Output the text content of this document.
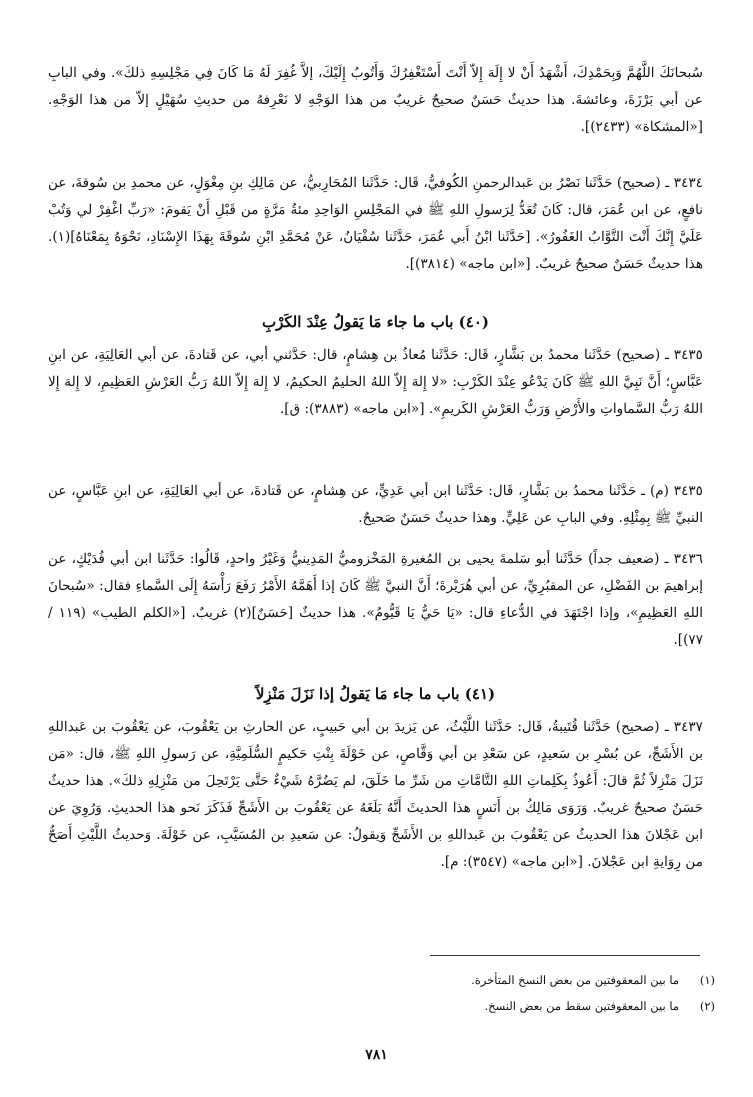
سُبحانَكَ اللَّهُمَّ وَبِحَمْدِكَ، أَشْهَدُ أَنْ لا إِلَهَ إِلاّ أَنْتَ أَسْتَغْفِرُكَ وَأَتُوبُ إِلَيْكَ، إلاَّ غُفِرَ لَهُ مَا كَانَ فِي مَجْلِسِهِ ذلكَ». وفي البابِ عن أبي بَرْزَةَ، وعائشةَ. هذا حديثٌ حَسَنٌ صحيحٌ غريبٌ من هذا الوَجْهِ لا نَعْرِفهُ من حديثِ سُهَيْلٍ إلاّ من هذا الوَجْهِ. [«المشكاة» (٢٤٣٣)].
٣٤٣٤ ـ (صحيح) حَدَّثَنا نَصْرُ بن عَبدالرحمنِ الكُوفيُّ، قَال: حَدَّثَنا المُحَارِبيُّ، عن مَالِكِ بنِ مِغْوَلٍ، عن محمدِ بن سُوقةَ، عن نافعٍ، عن ابن عُمَرَ، قال: كَانَ تُعَدُّ لِرَسولِ اللهِ ﷺ في المَجْلِسِ الوَاحِدِ مئةُ مَرَّةٍ من قَبْلِ أَنْ يَقومَ: «رَبِّ اغْفِرْ لي وَتُبْ عَلَيَّ إِنَّكَ أَنْتَ التَّوَّابُ الغَفُورُ». [حَدَّثَنا ابْنُ أَبي عُمَرَ، حَدَّثَنا سُفْيَانُ، عَنْ مُحَمَّدِ ابْنِ سُوقَةَ بِهَذَا الإِسْنَادِ، نَحْوَهُ بِمَعْنَاهُ](١). هذا حديثٌ حَسَنٌ صحيحٌ غريبٌ. [«ابن ماجه» (٣٨١٤)].
(٤٠) باب ما جاء مَا يَقولُ عِنْدَ الكَرْبِ
٣٤٣٥ ـ (صحيح) حَدَّثَنا محمدُ بن بَشَّارٍ، قَال: حَدَّثَنا مُعاذُ بن هِشامٍ، قال: حَدَّثني أبي، عن قَتادةَ، عن أبي العَالِيَةِ، عن ابنِ عَبَّاسٍ؛ أَنَّ نَبِيَّ اللهِ ﷺ كَانَ يَدْعُو عِنْدَ الكَرْبِ: «لا إِلهَ إِلاّ اللهُ الحليمُ الحكيمُ، لا إِلهَ إِلاّ اللهُ رَبُّ العَرْشِ العَظِيمِ، لا إِلهَ إِلا اللهُ رَبُّ السَّماواتِ والأَرْضِ وَرَبُّ العَرْشِ الكَريمِ». [«ابن ماجه» (٣٨٨٣): ق].
٣٤٣٥ (م) ـ حَدَّثَنا محمدُ بن بَشَّارٍ، قَال: حَدَّثَنا ابن أبي عَدِيٍّ، عن هِشامٍ، عن قَتادةَ، عن أبي العَالِيَةِ، عن ابنِ عَبَّاسٍ، عن النبيِّ ﷺ بِمِثْلِهِ. وفي البابِ عن عَلِيٍّ. وهذا حديثٌ حَسَنٌ صَحيحٌ.
٣٤٣٦ ـ (ضعيف جداً) حَدَّثَنا أبو سَلمةَ يحيى بن المُغيرةِ المَخْزوميُّ المَدِينيُّ وَغَيْرُ واحدٍ، قَالُوا: حَدَّثَنا ابن أبي فُدَيْكٍ، عن إبراهيمَ بن الفَضْلِ، عن المقبُرِيِّ، عن أبي هُرَيْرةَ؛ أَنَّ النبيَّ ﷺ كَانَ إذا أَهَمَّهُ الأَمْرُ رَفَعَ رَأْسَهُ إِلَى السَّماءِ فقال: «سُبحانَ اللهِ العَظِيمِ»، وإذا اجْتَهَدَ في الدُّعاءِ قال: «يَا حَيُّ يَا قَيُّومُ». هذا حديثٌ [حَسَنٌ](٢) غريبٌ. [«الكلم الطيب» (١١٩ / ٧٧)].
(٤١) باب ما جاء مَا يَقولُ إذا نَزَلَ مَنْزِلاً
٣٤٣٧ ـ (صحيح) حَدَّثَنا قُتَيبةُ، قَال: حَدَّثَنا اللَّيْثُ، عن يَزيدَ بن أبي حَبيبٍ، عن الحارثِ بن يَعْقُوبَ، عن يَعْقُوبَ بن عَبداللهِ بن الأَشَجِّ، عن بُسْرِ بن سَعيدٍ، عن سَعْدِ بن أبي وَقَّاصٍ، عن خَوْلَةَ بِنْتِ حَكيمٍ السُّلَمِيَّةِ، عن رَسولِ اللهِ ﷺ، قال: «مَن نَزَلَ مَنْزِلاً ثُمَّ قالَ: أَعُوذُ بِكَلِماتِ اللهِ التَّامَّاتِ من شَرِّ ما خَلَقَ، لم يَضُرَّهُ شَيْءٌ حَتَّى يَرْتَحِلَ من مَنْزِلِهِ ذلكَ». هذا حديثٌ حَسَنٌ صحيحٌ غريبٌ. وَرَوَى مَالِكُ بن أَنَسٍ هذا الحديثَ أَنَّهُ بَلَغَهُ عن يَعْقُوبَ بن الأَشَجِّ فَذَكَرَ نَحو هذا الحديثِ. وَرُوِيَ عن ابن عَجْلانَ هذا الحديثُ عن يَعْقُوبَ بن عَبداللهِ بن الأَشَجِّ وَيقولُ: عن سَعيدِ بن المُسَيَّبِ، عن خَوْلَةَ. وَحديثُ اللَّيْثِ أَصَحُّ من رِوَايةِ ابن عَجْلانَ. [«ابن ماجه» (٣٥٤٧): م].
(١)
ما بين المعقوفتين من بعض النسخ المتأخرة.
(٢)
ما بين المعقوفتين سقط من بعض النسخ.
٧٨١
